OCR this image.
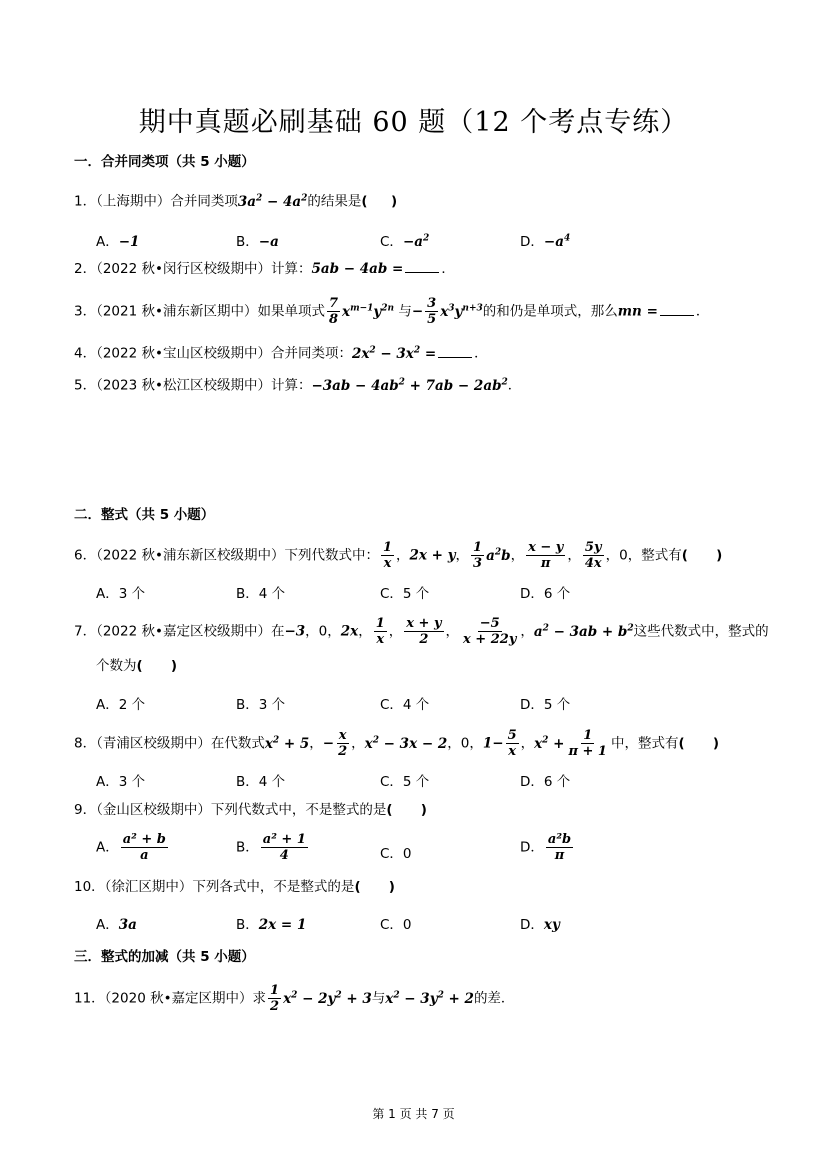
期中真题必刷基础 60 题（12 个考点专练）
一．合并同类项（共 5 小题）
1．（上海期中）合并同类项$3a^2 - 4a^2$的结果是(     )
A．−1	B．−a	C．$-a^2$	D．$-a^4$
2．（2022 秋•闵行区校级期中）计算：5ab − 4ab =	．
3．（2021 秋•浦东新区期中）如果单项式 $\frac{7}{8} x^{m-1}y^{2n}$ 与− $\frac{3}{5} x^3y^{n+3}$的和仍是单项式，那么mn =	．
4．（2022 秋•宝山区校级期中）合并同类项：$2x^2 - 3x^2$ =	．
5．（2023 秋•松江区校级期中）计算：$-3ab - 4ab^2 + 7ab - 2ab^2$．
二．整式（共 5 小题）
6．（2022 秋•浦东新区校级期中）下列代数式中： $\frac{1}{x}$ ，2x + y， $\frac{1}{3} a^2b$， $\frac{x - y}{\pi}$ ， $\frac{5y}{4x}$ ，0，整式有(      )
A．3 个	B．4 个	C．5 个	D．6 个
7．（2022 秋•嘉定区校级期中）在−3，0，2x， $\frac{1}{x}$ ， $\frac{x + y}{2}$ ， $\frac{-5}{x + 22y}$ ，$a^2 - 3ab + b^2$这些代数式中，整式的
个数为(      )
A．2 个	B．3 个	C．4 个	D．5 个
8．（青浦区校级期中）在代数式$x^2 + 5$，− $\frac{x}{2}$ ，$x^2 - 3x - 2$，0，$1- \frac{5}{x}$ ，$x^2 + \frac{1}{\pi + 1}$ 中，整式有(      )
A．3 个	B．4 个	C．5 个	D．6 个
9．（金山区校级期中）下列代数式中，不是整式的是(      )
A． $\frac{\text{a² + b}}{a}$	B． $\frac{\text{a² + 1}}{4}$	C．0	D． $\frac{\text{a²b}}{\pi}$
10．（徐汇区期中）下列各式中，不是整式的是(      )
A．3a	B．2x = 1	C．0	D．xy
三．整式的加减（共 5 小题）
11．（2020 秋•嘉定区期中）求 $\frac{1}{2} x^2 - 2y^2 + 3$与$x^2 - 3y^2 + 2$的差．
第 1 页 共 7 页
